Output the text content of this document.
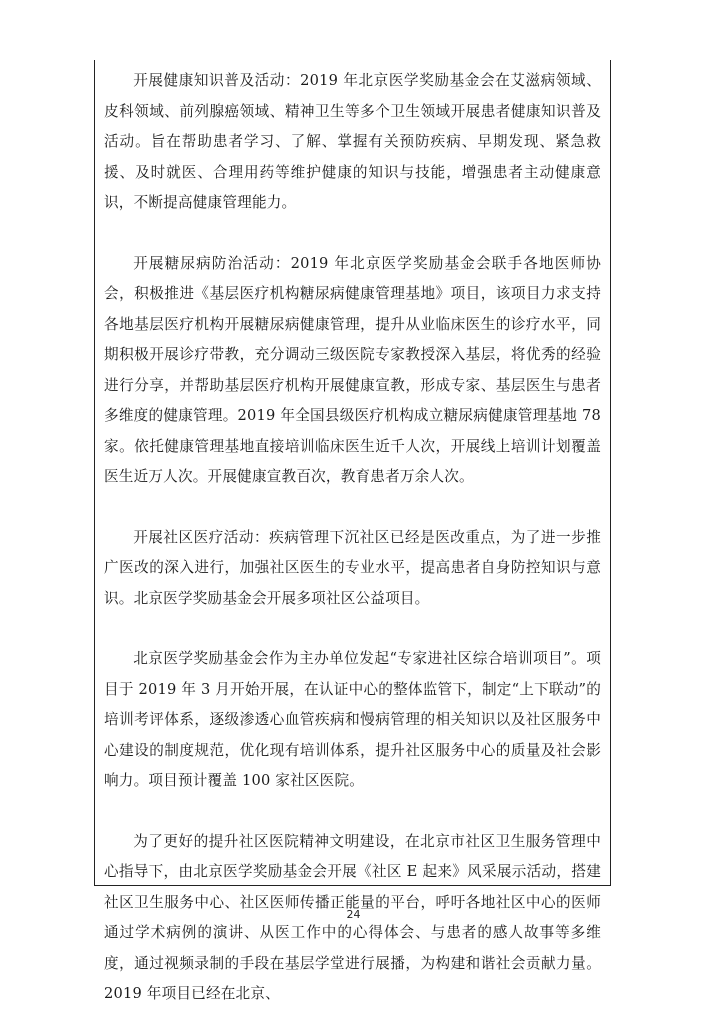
开展健康知识普及活动：2019 年北京医学奖励基金会在艾滋病领域、皮科领域、前列腺癌领域、精神卫生等多个卫生领域开展患者健康知识普及活动。旨在帮助患者学习、了解、掌握有关预防疾病、早期发现、紧急救援、及时就医、合理用药等维护健康的知识与技能，增强患者主动健康意识，不断提高健康管理能力。

开展糖尿病防治活动：2019 年北京医学奖励基金会联手各地医师协会，积极推进《基层医疗机构糖尿病健康管理基地》项目，该项目力求支持各地基层医疗机构开展糖尿病健康管理，提升从业临床医生的诊疗水平，同期积极开展诊疗带教，充分调动三级医院专家教授深入基层，将优秀的经验进行分享，并帮助基层医疗机构开展健康宣教，形成专家、基层医生与患者多维度的健康管理。2019 年全国县级医疗机构成立糖尿病健康管理基地 78 家。依托健康管理基地直接培训临床医生近千人次，开展线上培训计划覆盖医生近万人次。开展健康宣教百次，教育患者万余人次。

开展社区医疗活动：疾病管理下沉社区已经是医改重点，为了进一步推广医改的深入进行，加强社区医生的专业水平，提高患者自身防控知识与意识。北京医学奖励基金会开展多项社区公益项目。

北京医学奖励基金会作为主办单位发起“专家进社区综合培训项目”。项目于 2019 年 3 月开始开展，在认证中心的整体监管下，制定“上下联动”的培训考评体系，逐级渗透心血管疾病和慢病管理的相关知识以及社区服务中心建设的制度规范，优化现有培训体系，提升社区服务中心的质量及社会影响力。项目预计覆盖 100 家社区医院。

为了更好的提升社区医院精神文明建设，在北京市社区卫生服务管理中心指导下，由北京医学奖励基金会开展《社区 E 起来》风采展示活动，搭建社区卫生服务中心、社区医师传播正能量的平台，呼吁各地社区中心的医师通过学术病例的演讲、从医工作中的心得体会、与患者的感人故事等多维度，通过视频录制的手段在基层学堂进行展播，为构建和谐社会贡献力量。2019 年项目已经在北京、

24
